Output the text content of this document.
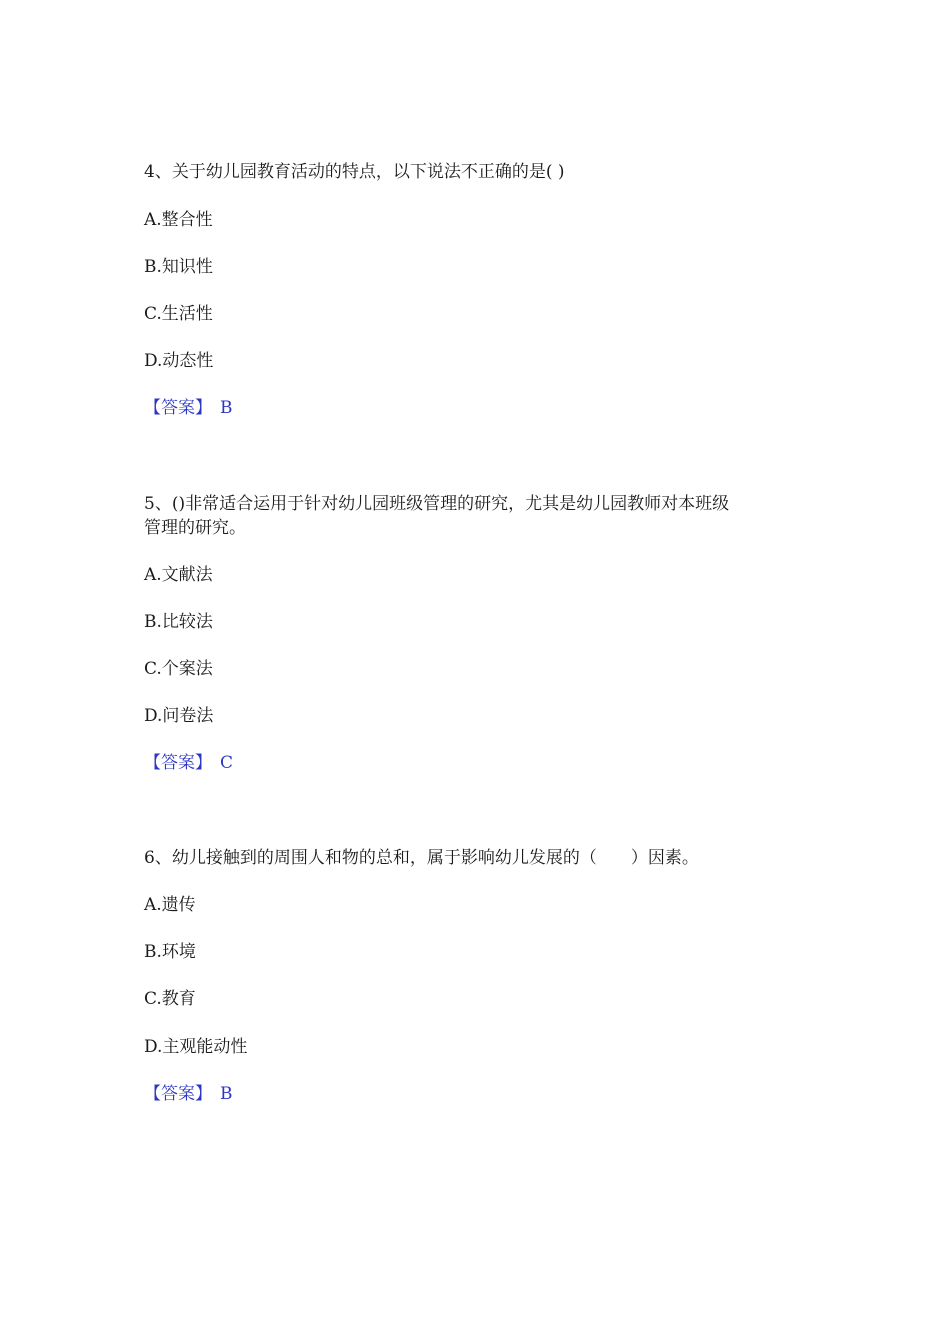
4、关于幼儿园教育活动的特点，以下说法不正确的是( )
A.整合性
B.知识性
C.生活性
D.动态性
【答案】 B
5、()非常适合运用于针对幼儿园班级管理的研究，尤其是幼儿园教师对本班级
管理的研究。
A.文献法
B.比较法
C.个案法
D.问卷法
【答案】 C
6、幼儿接触到的周围人和物的总和，属于影响幼儿发展的（　　）因素。
A.遗传
B.环境
C.教育
D.主观能动性
【答案】 B
